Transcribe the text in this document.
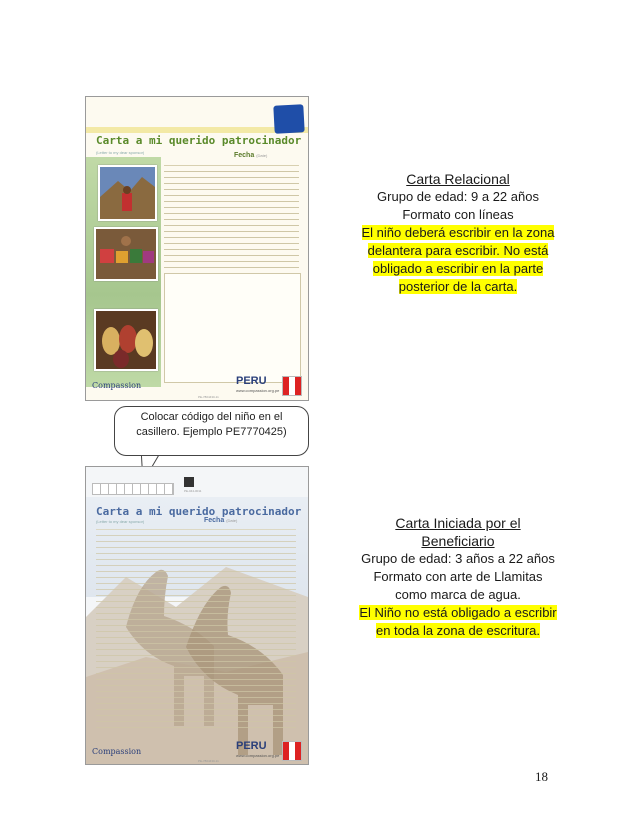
Carta a mi querido patrocinador
(Letter to my dear sponsor)	Fecha (Date)
Compassion	PERU
www.compassion.org.pe
PE-7804430-11
Colocar código del niño en el
casillero. Ejemplo PE7770425)
PE-044-0011
Carta a mi querido patrocinador
(Letter to my dear sponsor)	Fecha (Date)
Compassion	PERU
www.compassion.org.pe
PE-7804430-11
Carta Relacional
Grupo de edad: 9 a 22 años
Formato con líneas
El niño deberá escribir en la zona
delantera para escribir. No está
obligado a escribir en la parte
posterior de la carta.
Carta Iniciada por el
Beneficiario
Grupo de edad: 3 años a 22 años
Formato con arte de Llamitas
como marca de agua.
El Niño no está obligado a escribir
en toda la zona de escritura.
18
